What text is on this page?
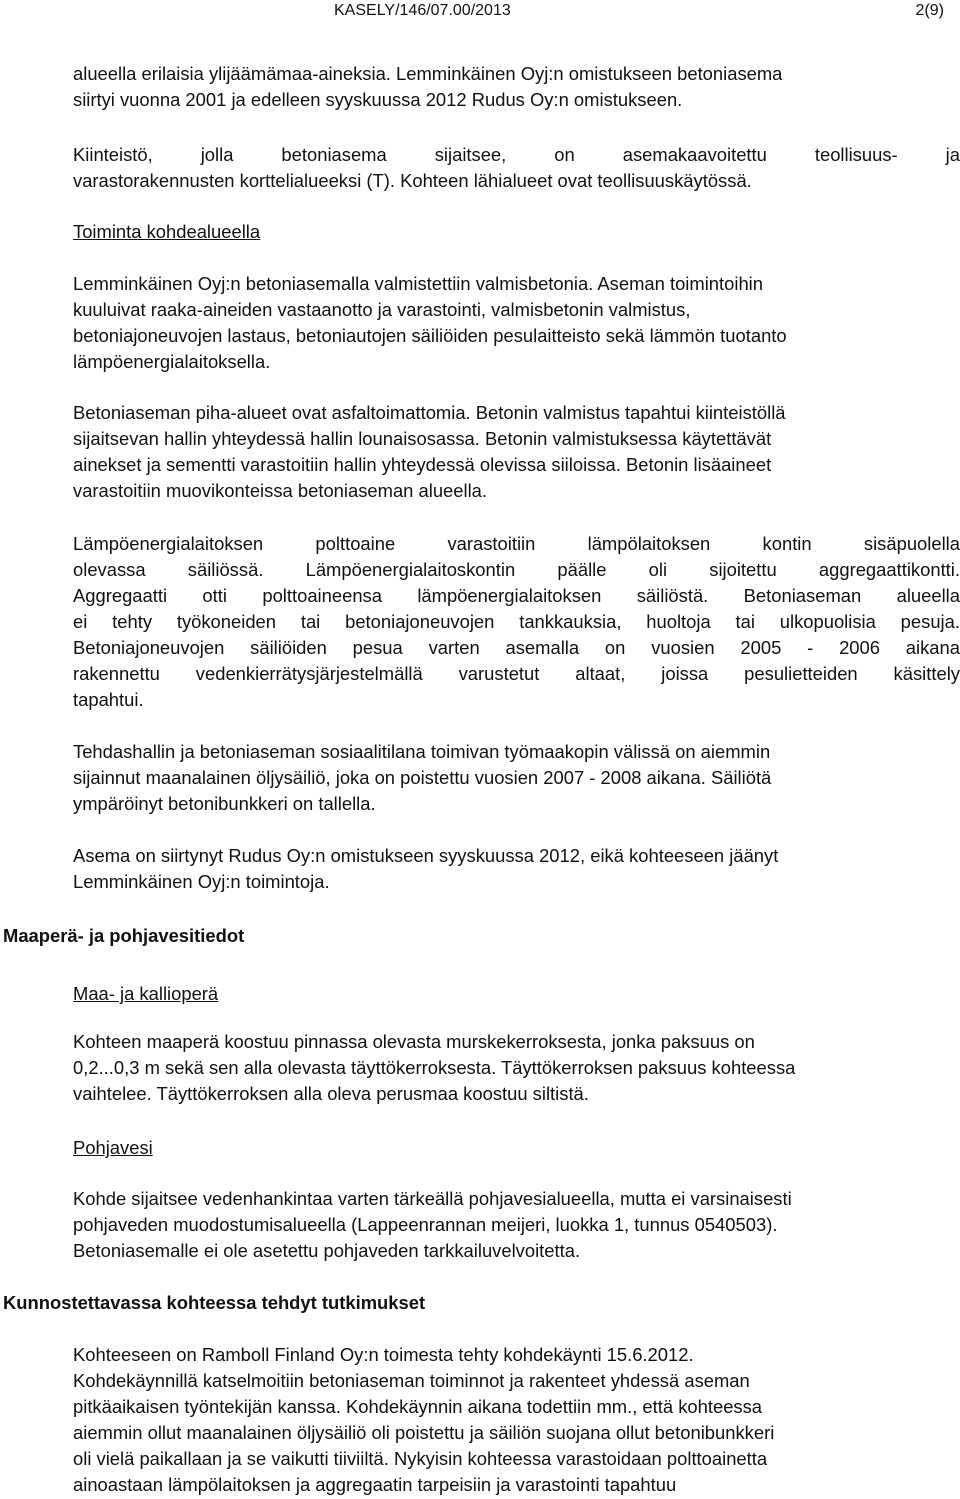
KASELY/146/07.00/2013	2(9)
alueella erilaisia ylijäämämaa-aineksia. Lemminkäinen Oyj:n omistukseen betoniasema
siirtyi vuonna 2001 ja edelleen syyskuussa 2012 Rudus Oy:n omistukseen.
Kiinteistö,	jolla	betoniasema	sijaitsee,	on	asemakaavoitettu	teollisuus-	ja
varastorakennusten korttelialueeksi (T). Kohteen lähialueet ovat teollisuuskäytössä.
Toiminta kohdealueella
Lemminkäinen Oyj:n betoniasemalla valmistettiin valmisbetonia. Aseman toimintoihin
kuuluivat raaka-aineiden vastaanotto ja varastointi, valmisbetonin valmistus,
betoniajoneuvojen lastaus, betoniautojen säiliöiden pesulaitteisto sekä lämmön tuotanto
lämpöenergialaitoksella.
Betoniaseman piha-alueet ovat asfaltoimattomia. Betonin valmistus tapahtui kiinteistöllä
sijaitsevan hallin yhteydessä hallin lounaisosassa. Betonin valmistuksessa käytettävät
ainekset ja sementti varastoitiin hallin yhteydessä olevissa siiloissa. Betonin lisäaineet
varastoitiin muovikonteissa betoniaseman alueella.
Lämpöenergialaitoksen polttoaine varastoitiin lämpölaitoksen kontin sisäpuolella
olevassa säiliössä. Lämpöenergialaitoskontin päälle oli sijoitettu aggregaattikontti.
Aggregaatti otti polttoaineensa lämpöenergialaitoksen säiliöstä. Betoniaseman alueella
ei tehty työkoneiden tai betoniajoneuvojen tankkauksia, huoltoja tai ulkopuolisia pesuja.
Betoniajoneuvojen säiliöiden pesua varten asemalla on vuosien 2005 - 2006 aikana
rakennettu vedenkierrätysjärjestelmällä varustetut altaat, joissa pesulietteiden käsittely
tapahtui.
Tehdashallin ja betoniaseman sosiaalitilana toimivan työmaakopin välissä on aiemmin
sijainnut maanalainen öljysäiliö, joka on poistettu vuosien 2007 - 2008 aikana. Säiliötä
ympäröinyt betonibunkkeri on tallella.
Asema on siirtynyt Rudus Oy:n omistukseen syyskuussa 2012, eikä kohteeseen jäänyt
Lemminkäinen Oyj:n toimintoja.
Maaperä- ja pohjavesitiedot
Maa- ja kallioperä
Kohteen maaperä koostuu pinnassa olevasta murskekerroksesta, jonka paksuus on
0,2...0,3 m sekä sen alla olevasta täyttökerroksesta. Täyttökerroksen paksuus kohteessa
vaihtelee. Täyttökerroksen alla oleva perusmaa koostuu siltistä.
Pohjavesi
Kohde sijaitsee vedenhankintaa varten tärkeällä pohjavesialueella, mutta ei varsinaisesti
pohjaveden muodostumisalueella (Lappeenrannan meijeri, luokka 1, tunnus 0540503).
Betoniasemalle ei ole asetettu pohjaveden tarkkailuvelvoitetta.
Kunnostettavassa kohteessa tehdyt tutkimukset
Kohteeseen on Ramboll Finland Oy:n toimesta tehty kohdekäynti 15.6.2012.
Kohdekäynnillä katselmoitiin betoniaseman toiminnot ja rakenteet yhdessä aseman
pitkäaikaisen työntekijän kanssa. Kohdekäynnin aikana todettiin mm., että kohteessa
aiemmin ollut maanalainen öljysäiliö oli poistettu ja säiliön suojana ollut betonibunkkeri
oli vielä paikallaan ja se vaikutti tiiviiltä. Nykyisin kohteessa varastoidaan polttoainetta
ainoastaan lämpölaitoksen ja aggregaatin tarpeisiin ja varastointi tapahtuu
